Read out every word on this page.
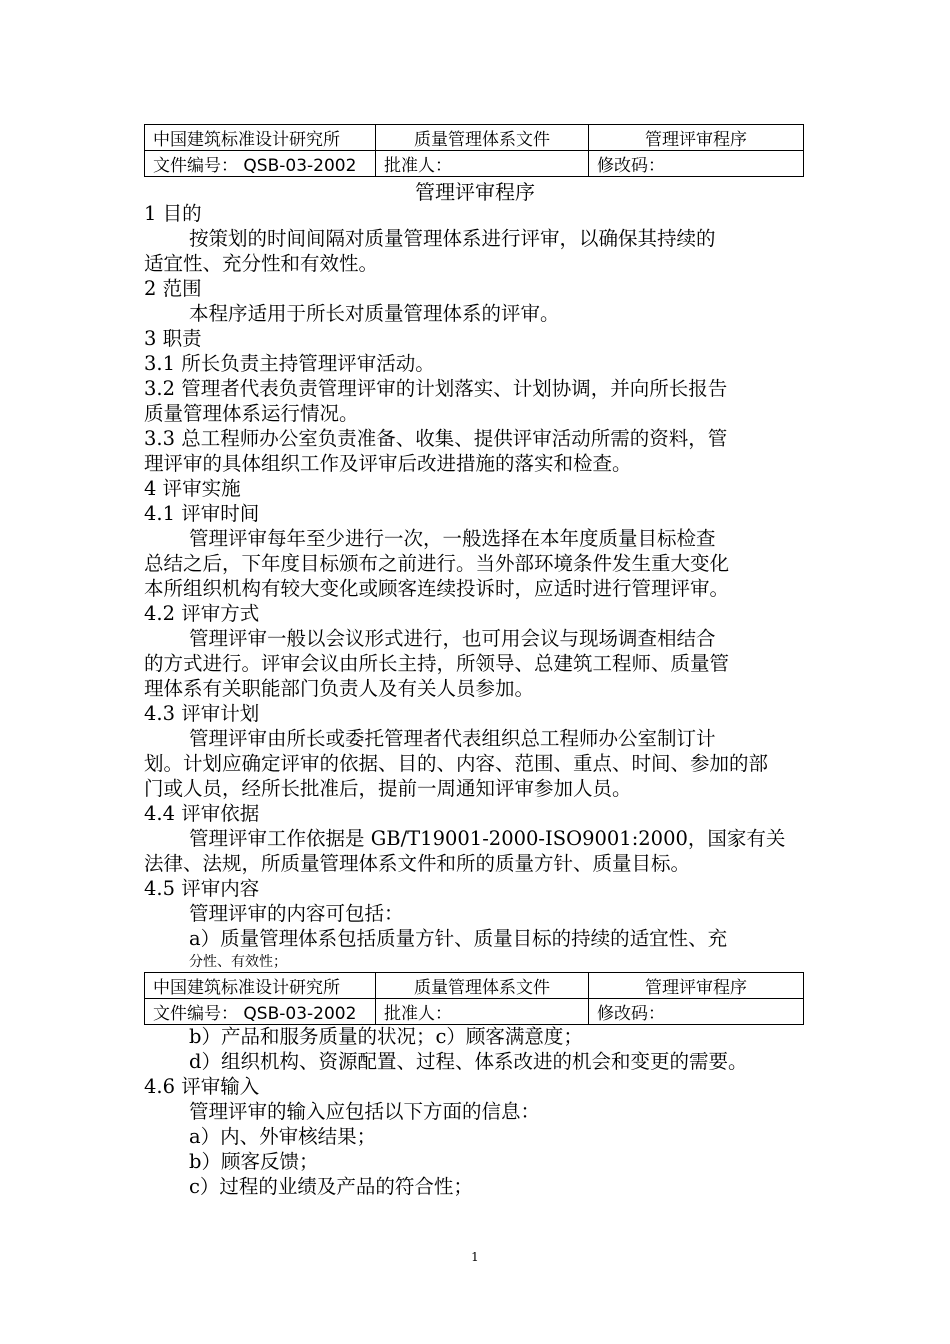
中国建筑标准设计研究所	质量管理体系文件	管理评审程序
文件编号： QSB-03-2002	批准人：	修改码：
管理评审程序
1 目的
按策划的时间间隔对质量管理体系进行评审，以确保其持续的
适宜性、充分性和有效性。
2 范围
本程序适用于所长对质量管理体系的评审。
3 职责
3.1 所长负责主持管理评审活动。
3.2 管理者代表负责管理评审的计划落实、计划协调，并向所长报告
质量管理体系运行情况。
3.3 总工程师办公室负责准备、收集、提供评审活动所需的资料，管
理评审的具体组织工作及评审后改进措施的落实和检查。
4 评审实施
4.1 评审时间
管理评审每年至少进行一次，一般选择在本年度质量目标检查
总结之后，下年度目标颁布之前进行。当外部环境条件发生重大变化
本所组织机构有较大变化或顾客连续投诉时，应适时进行管理评审。
4.2 评审方式
管理评审一般以会议形式进行，也可用会议与现场调查相结合
的方式进行。评审会议由所长主持，所领导、总建筑工程师、质量管
理体系有关职能部门负责人及有关人员参加。
4.3 评审计划
管理评审由所长或委托管理者代表组织总工程师办公室制订计
划。计划应确定评审的依据、目的、内容、范围、重点、时间、参加的部
门或人员，经所长批准后，提前一周通知评审参加人员。
4.4 评审依据
管理评审工作依据是 GB/T19001-2000-ISO9001:2000，国家有关
法律、法规，所质量管理体系文件和所的质量方针、质量目标。
4.5 评审内容
管理评审的内容可包括：
a）质量管理体系包括质量方针、质量目标的持续的适宜性、充
分性、有效性；
中国建筑标准设计研究所	质量管理体系文件	管理评审程序
文件编号： QSB-03-2002	批准人：	修改码：
b）产品和服务质量的状况；c）顾客满意度；
d）组织机构、资源配置、过程、体系改进的机会和变更的需要。
4.6 评审输入
管理评审的输入应包括以下方面的信息：
a）内、外审核结果；
b）顾客反馈；
c）过程的业绩及产品的符合性；
1
